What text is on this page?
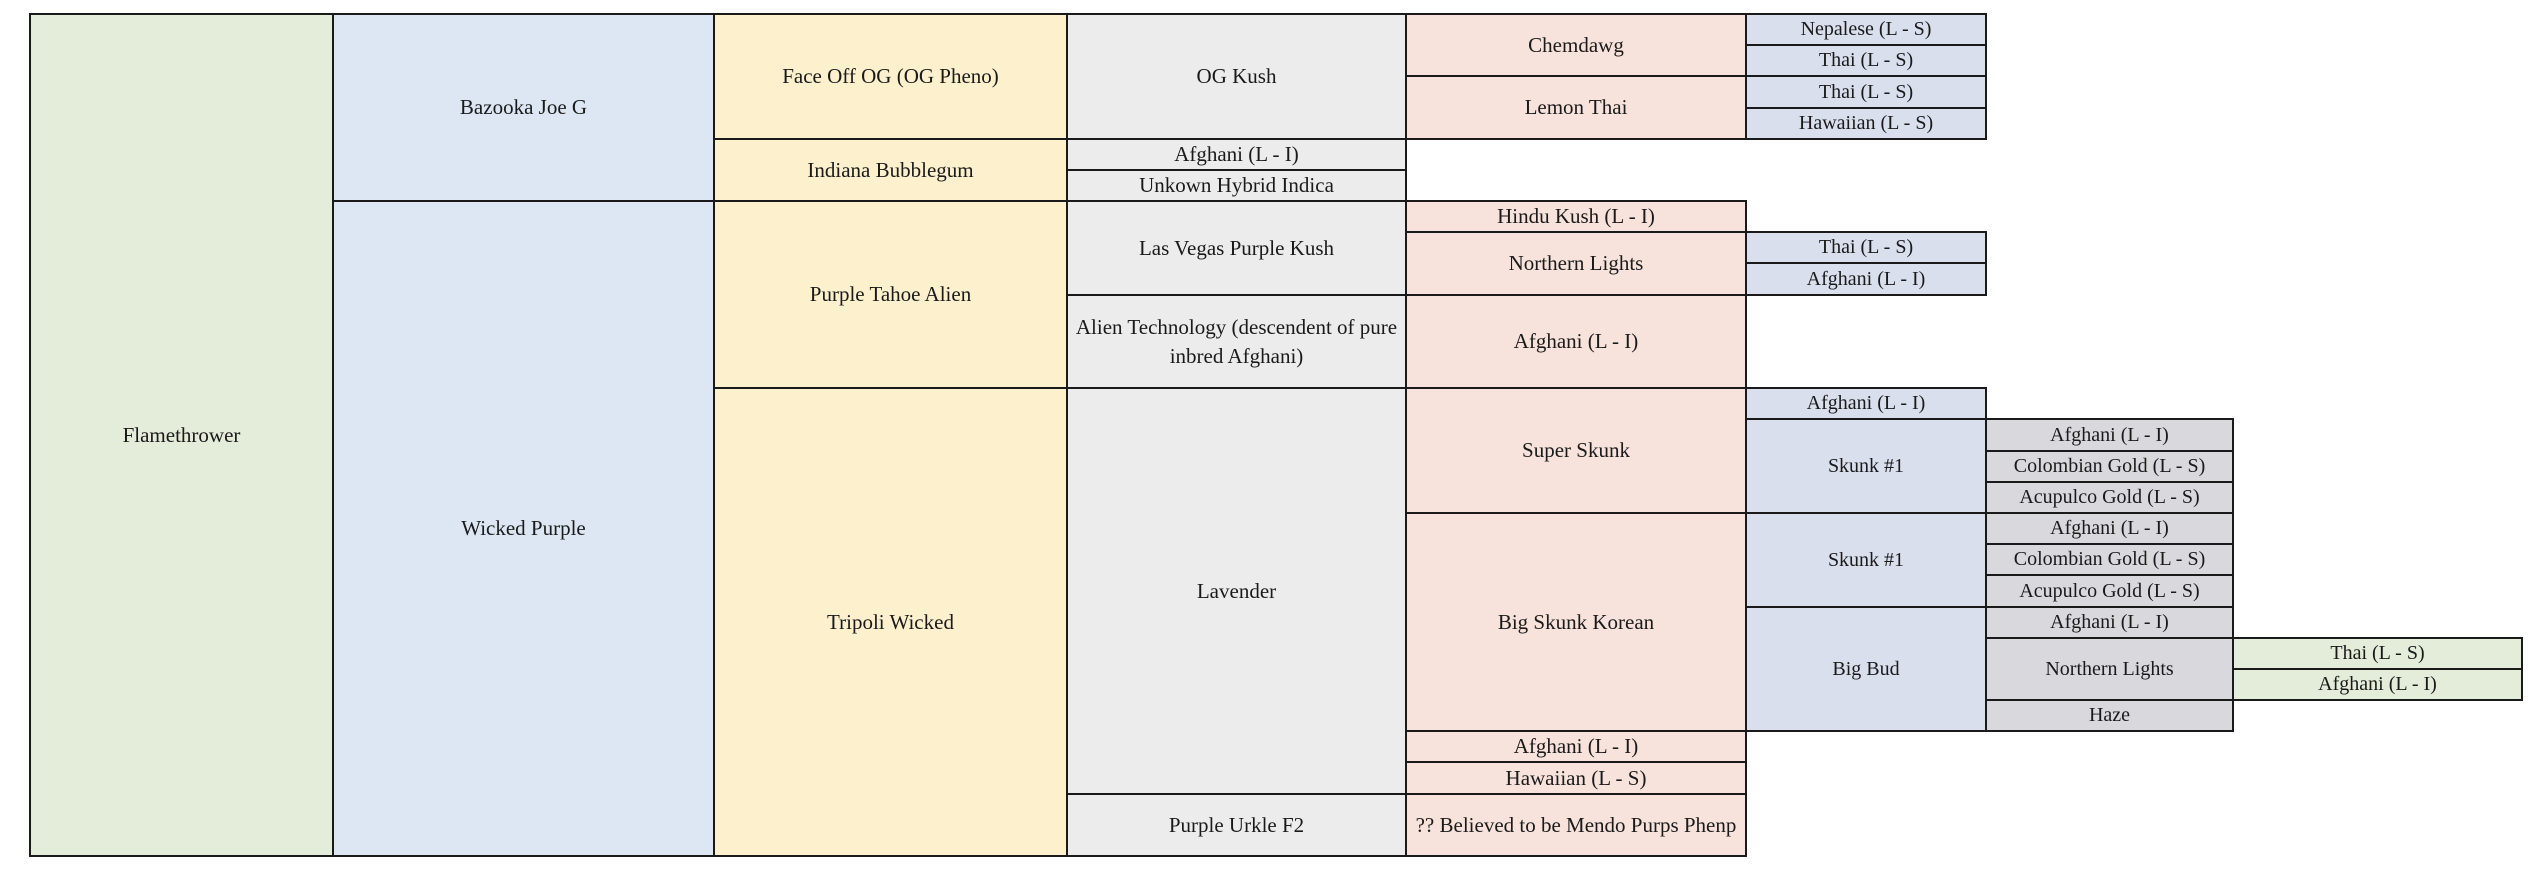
Flamethrower
Bazooka Joe G
Wicked Purple
Face Off OG (OG Pheno)
Indiana Bubblegum
Purple Tahoe Alien
Tripoli Wicked
OG Kush
Afghani (L - I)
Unkown Hybrid Indica
Las Vegas Purple Kush
Alien Technology (descendent of pure inbred Afghani)
Lavender
Purple Urkle F2
Chemdawg
Lemon Thai
Hindu Kush (L - I)
Northern Lights
Afghani (L - I)
Super Skunk
Big Skunk Korean
Afghani (L - I)
Hawaiian (L - S)
?? Believed to be Mendo Purps Phenp
Nepalese (L - S)
Thai (L - S)
Thai (L - S)
Hawaiian (L - S)
Thai (L - S)
Afghani (L - I)
Afghani (L - I)
Skunk #1
Skunk #1
Big Bud
Afghani (L - I)
Colombian Gold (L - S)
Acupulco Gold (L - S)
Afghani (L - I)
Colombian Gold (L - S)
Acupulco Gold (L - S)
Afghani (L - I)
Northern Lights
Haze
Thai (L - S)
Afghani (L - I)
